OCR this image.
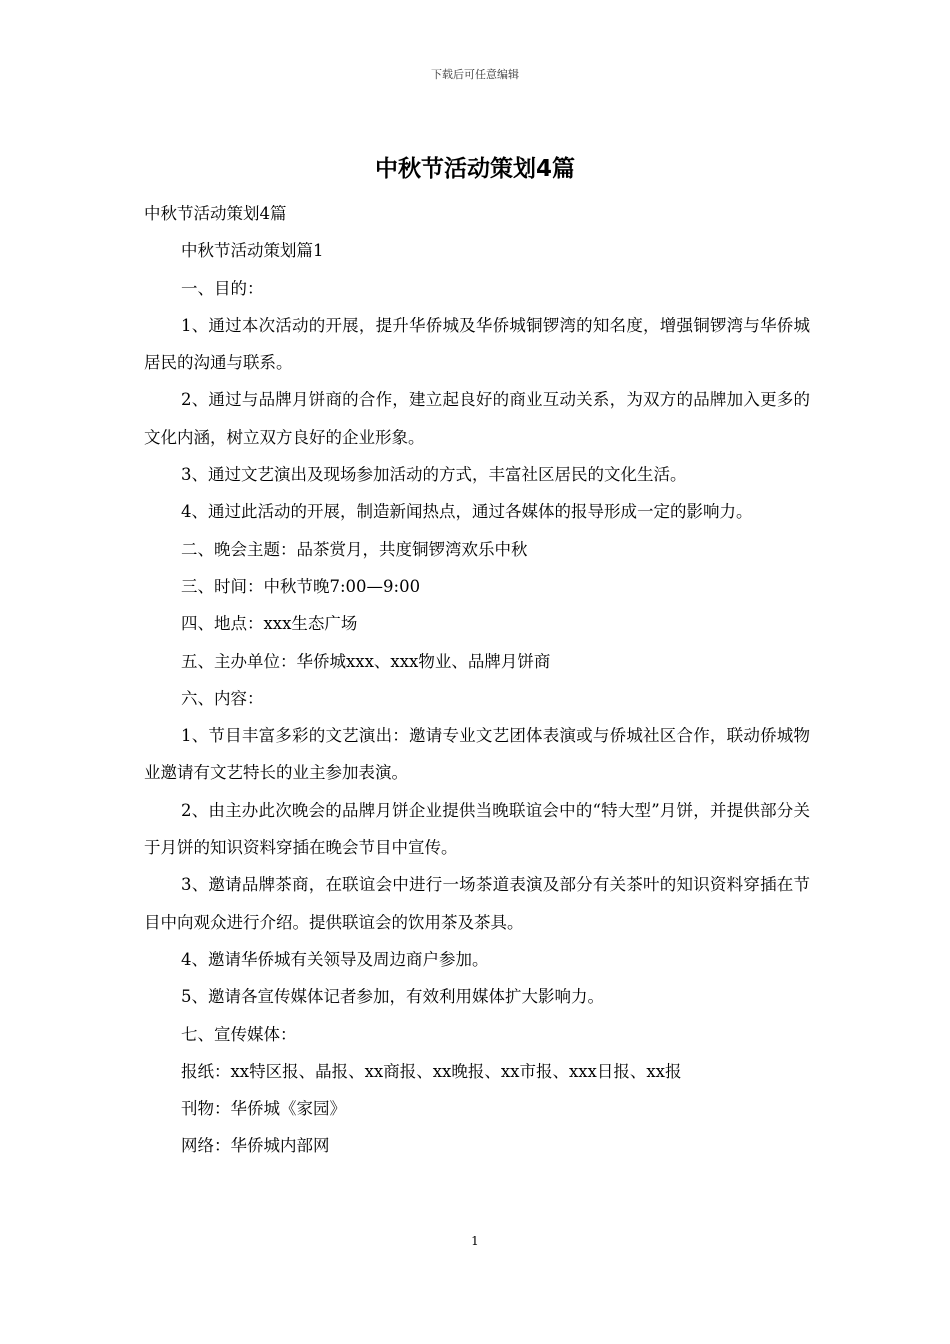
下载后可任意编辑
中秋节活动策划4篇

中秋节活动策划4篇

中秋节活动策划篇1

一、目的：

1、通过本次活动的开展，提升华侨城及华侨城铜锣湾的知名度，增强铜锣湾与华侨城居民的沟通与联系。

2、通过与品牌月饼商的合作，建立起良好的商业互动关系，为双方的品牌加入更多的文化内涵，树立双方良好的企业形象。

3、通过文艺演出及现场参加活动的方式，丰富社区居民的文化生活。

4、通过此活动的开展，制造新闻热点，通过各媒体的报导形成一定的影响力。

二、晚会主题：品茶赏月，共度铜锣湾欢乐中秋

三、时间：中秋节晚7:00—9:00

四、地点：xxx生态广场

五、主办单位：华侨城xxx、xxx物业、品牌月饼商

六、内容：

1、节目丰富多彩的文艺演出：邀请专业文艺团体表演或与侨城社区合作，联动侨城物业邀请有文艺特长的业主参加表演。

2、由主办此次晚会的品牌月饼企业提供当晚联谊会中的“特大型”月饼，并提供部分关于月饼的知识资料穿插在晚会节目中宣传。

3、邀请品牌茶商，在联谊会中进行一场茶道表演及部分有关茶叶的知识资料穿插在节目中向观众进行介绍。提供联谊会的饮用茶及茶具。

4、邀请华侨城有关领导及周边商户参加。

5、邀请各宣传媒体记者参加，有效利用媒体扩大影响力。

七、宣传媒体：

报纸：xx特区报、晶报、xx商报、xx晚报、xx市报、xxx日报、xx报

刊物：华侨城《家园》

网络：华侨城内部网

1
